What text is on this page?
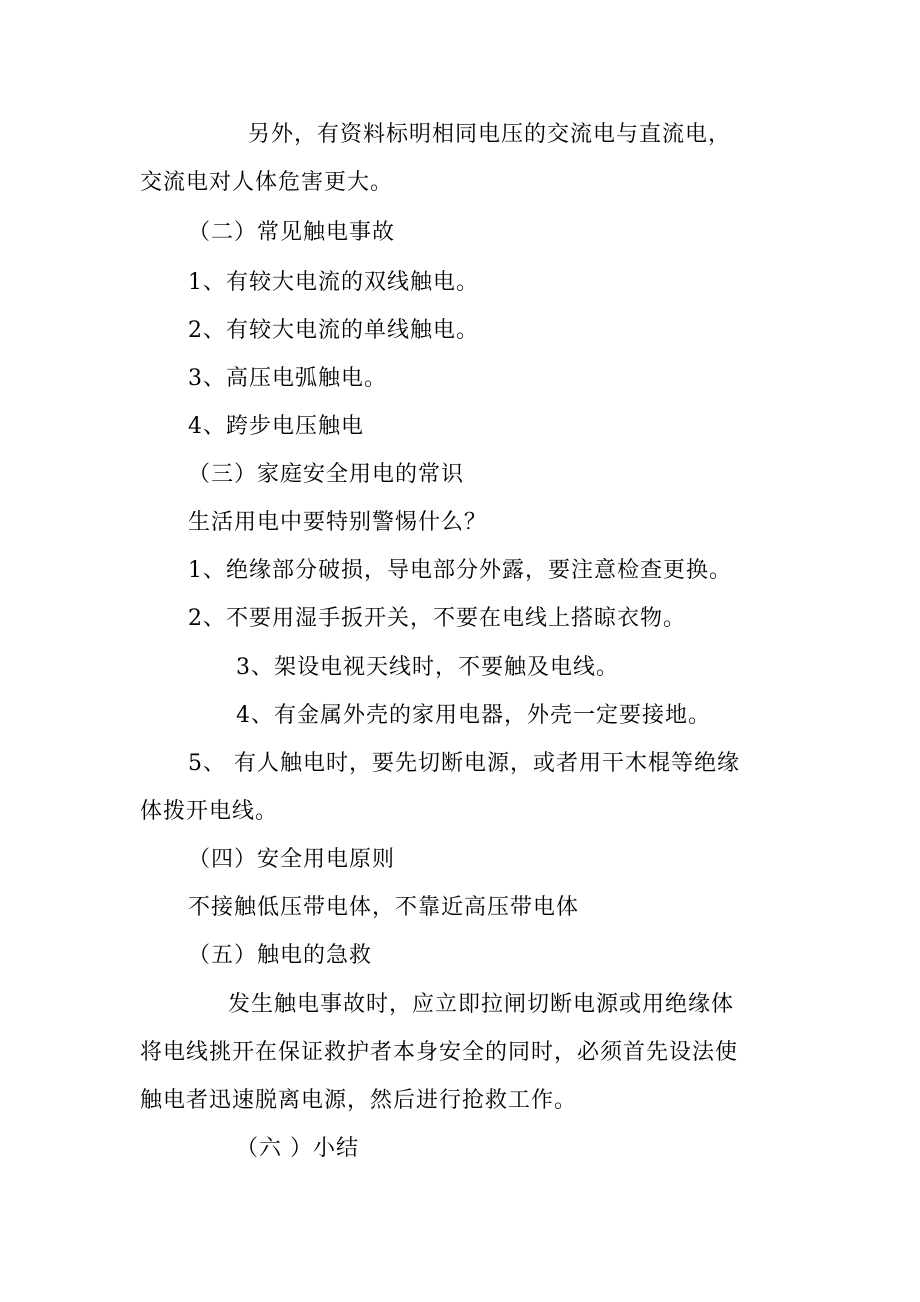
另外，有资料标明相同电压的交流电与直流电，
交流电对人体危害更大。
（二）常见触电事故
1、有较大电流的双线触电。
2、有较大电流的单线触电。
3、高压电弧触电。
4、跨步电压触电
（三）家庭安全用电的常识
生活用电中要特别警惕什么？
1、绝缘部分破损，导电部分外露，要注意检查更换。
2、不要用湿手扳开关，不要在电线上搭晾衣物。
3、架设电视天线时，不要触及电线。
4、有金属外壳的家用电器，外壳一定要接地。
5、 有人触电时，要先切断电源，或者用干木棍等绝缘
体拨开电线。
（四）安全用电原则
不接触低压带电体，不靠近高压带电体
（五）触电的急救
发生触电事故时，应立即拉闸切断电源或用绝缘体
将电线挑开在保证救护者本身安全的同时，必须首先设法使
触电者迅速脱离电源，然后进行抢救工作。
（六 ）小结
